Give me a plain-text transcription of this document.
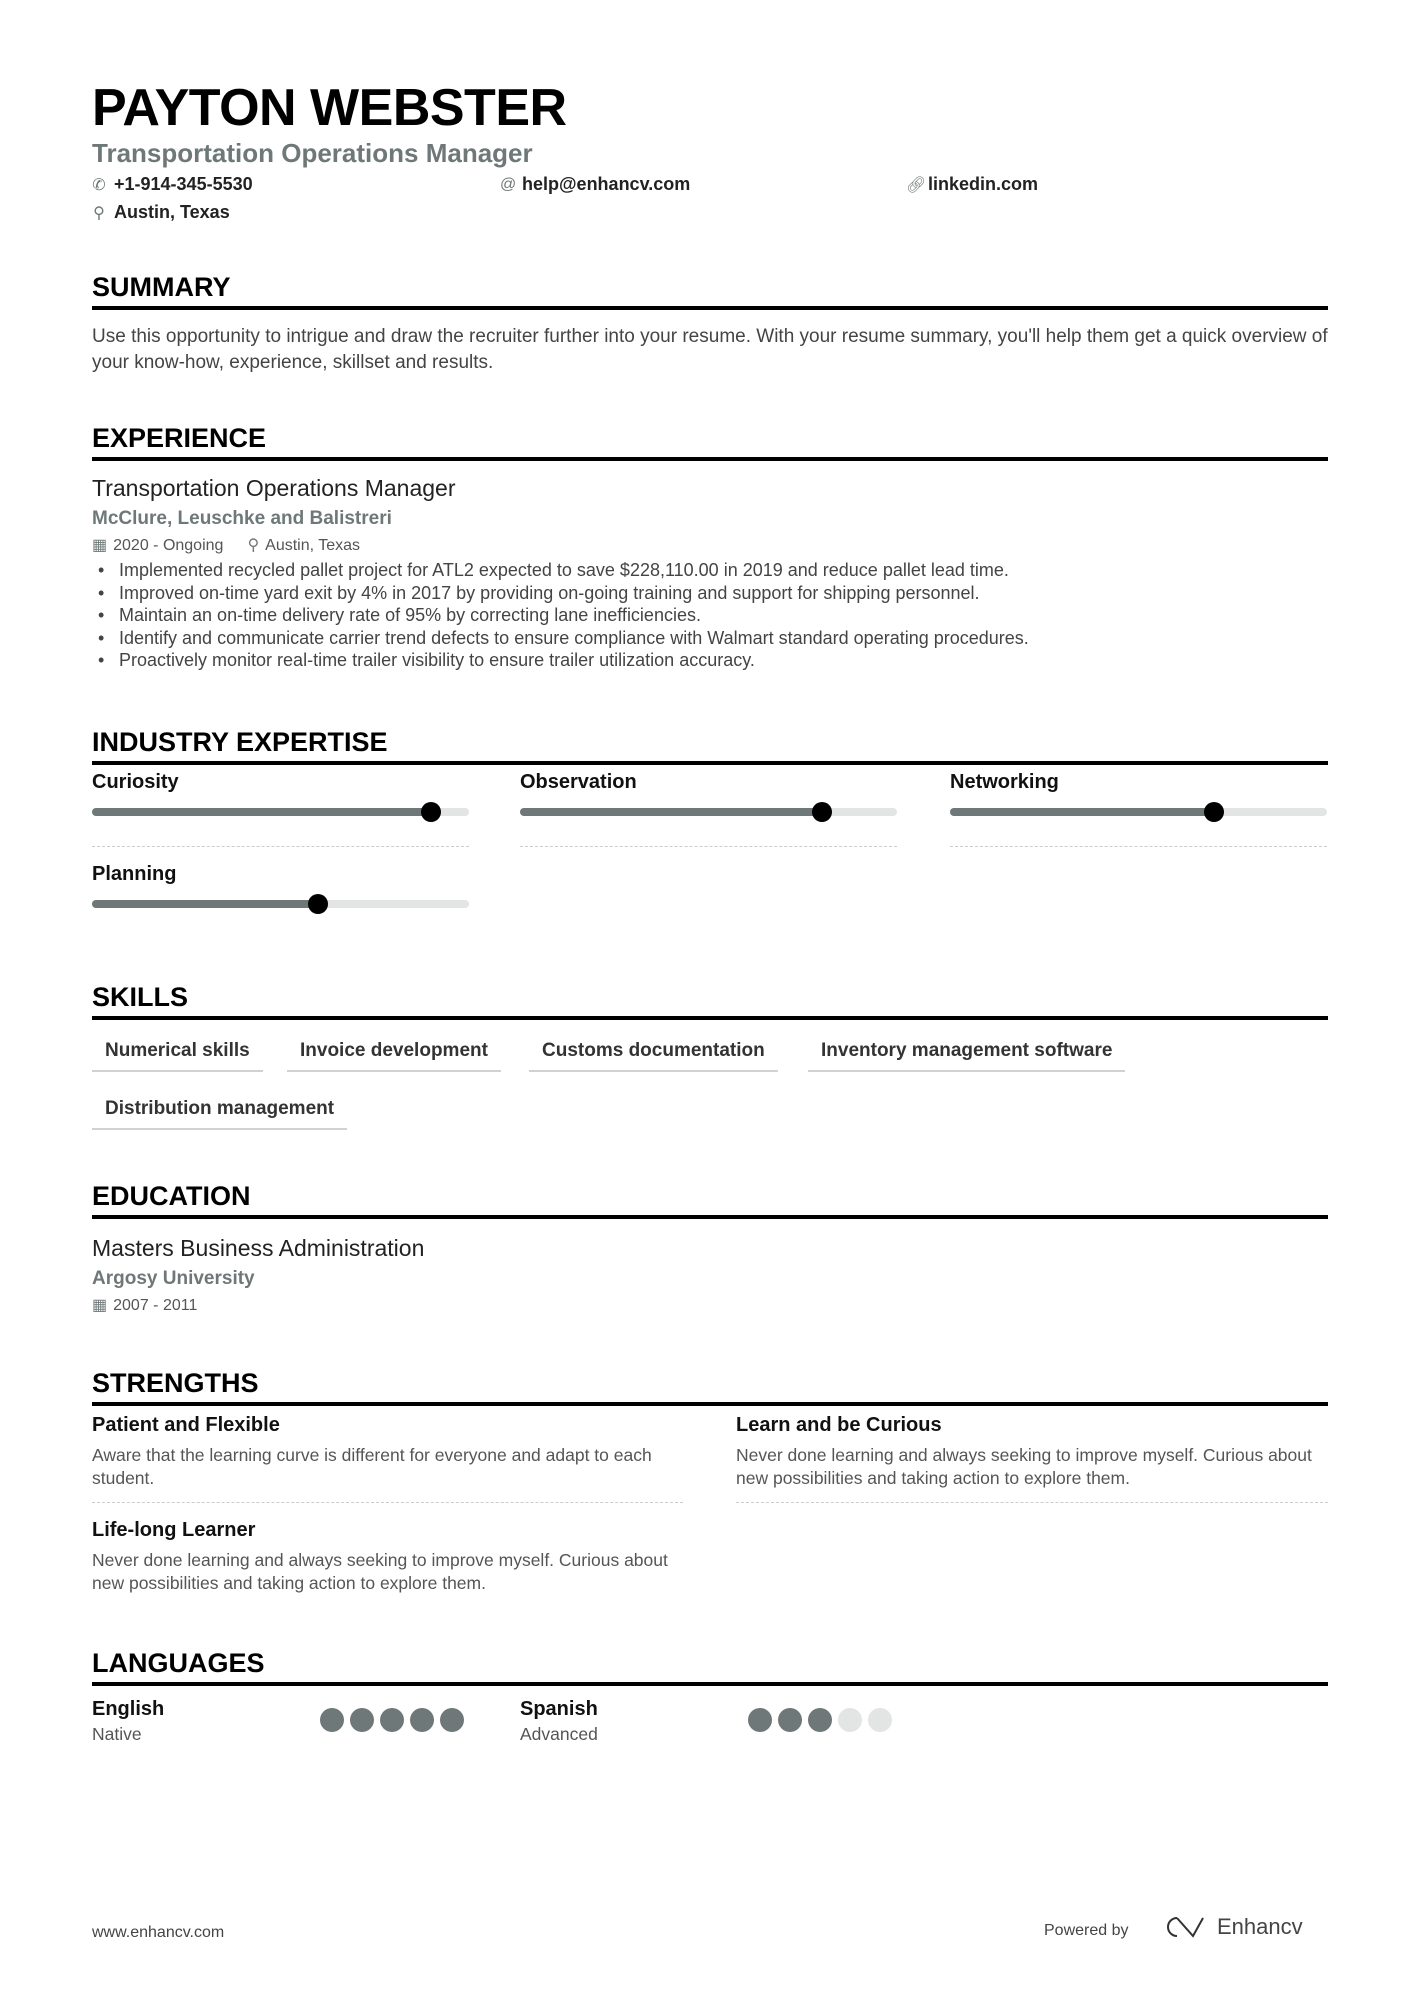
PAYTON WEBSTER
Transportation Operations Manager
✆ +1-914-345-5530	@ help@enhancv.com	🔗︎ linkedin.com
⚲ Austin, Texas
SUMMARY
Use this opportunity to intrigue and draw the recruiter further into your resume. With your resume summary, you'll help them get a quick overview of your know-how, experience, skillset and results.
EXPERIENCE
Transportation Operations Manager
McClure, Leuschke and Balistreri
▦ 2020 - Ongoing ⚲ Austin, Texas
• Implemented recycled pallet project for ATL2 expected to save $228,110.00 in 2019 and reduce pallet lead time.
• Improved on-time yard exit by 4% in 2017 by providing on-going training and support for shipping personnel.
• Maintain an on-time delivery rate of 95% by correcting lane inefficiencies.
• Identify and communicate carrier trend defects to ensure compliance with Walmart standard operating procedures.
• Proactively monitor real-time trailer visibility to ensure trailer utilization accuracy.
INDUSTRY EXPERTISE
Curiosity	Observation	Networking
Planning
SKILLS
Numerical skills	Invoice development	Customs documentation	Inventory management software
Distribution management
EDUCATION
Masters Business Administration
Argosy University
▦ 2007 - 2011
STRENGTHS
Patient and Flexible
Aware that the learning curve is different for everyone and adapt to each student.
Learn and be Curious
Never done learning and always seeking to improve myself. Curious about new possibilities and taking action to explore them.
Life-long Learner
Never done learning and always seeking to improve myself. Curious about new possibilities and taking action to explore them.
LANGUAGES
English
Native
Spanish
Advanced
www.enhancv.com	Powered by	Enhancv
